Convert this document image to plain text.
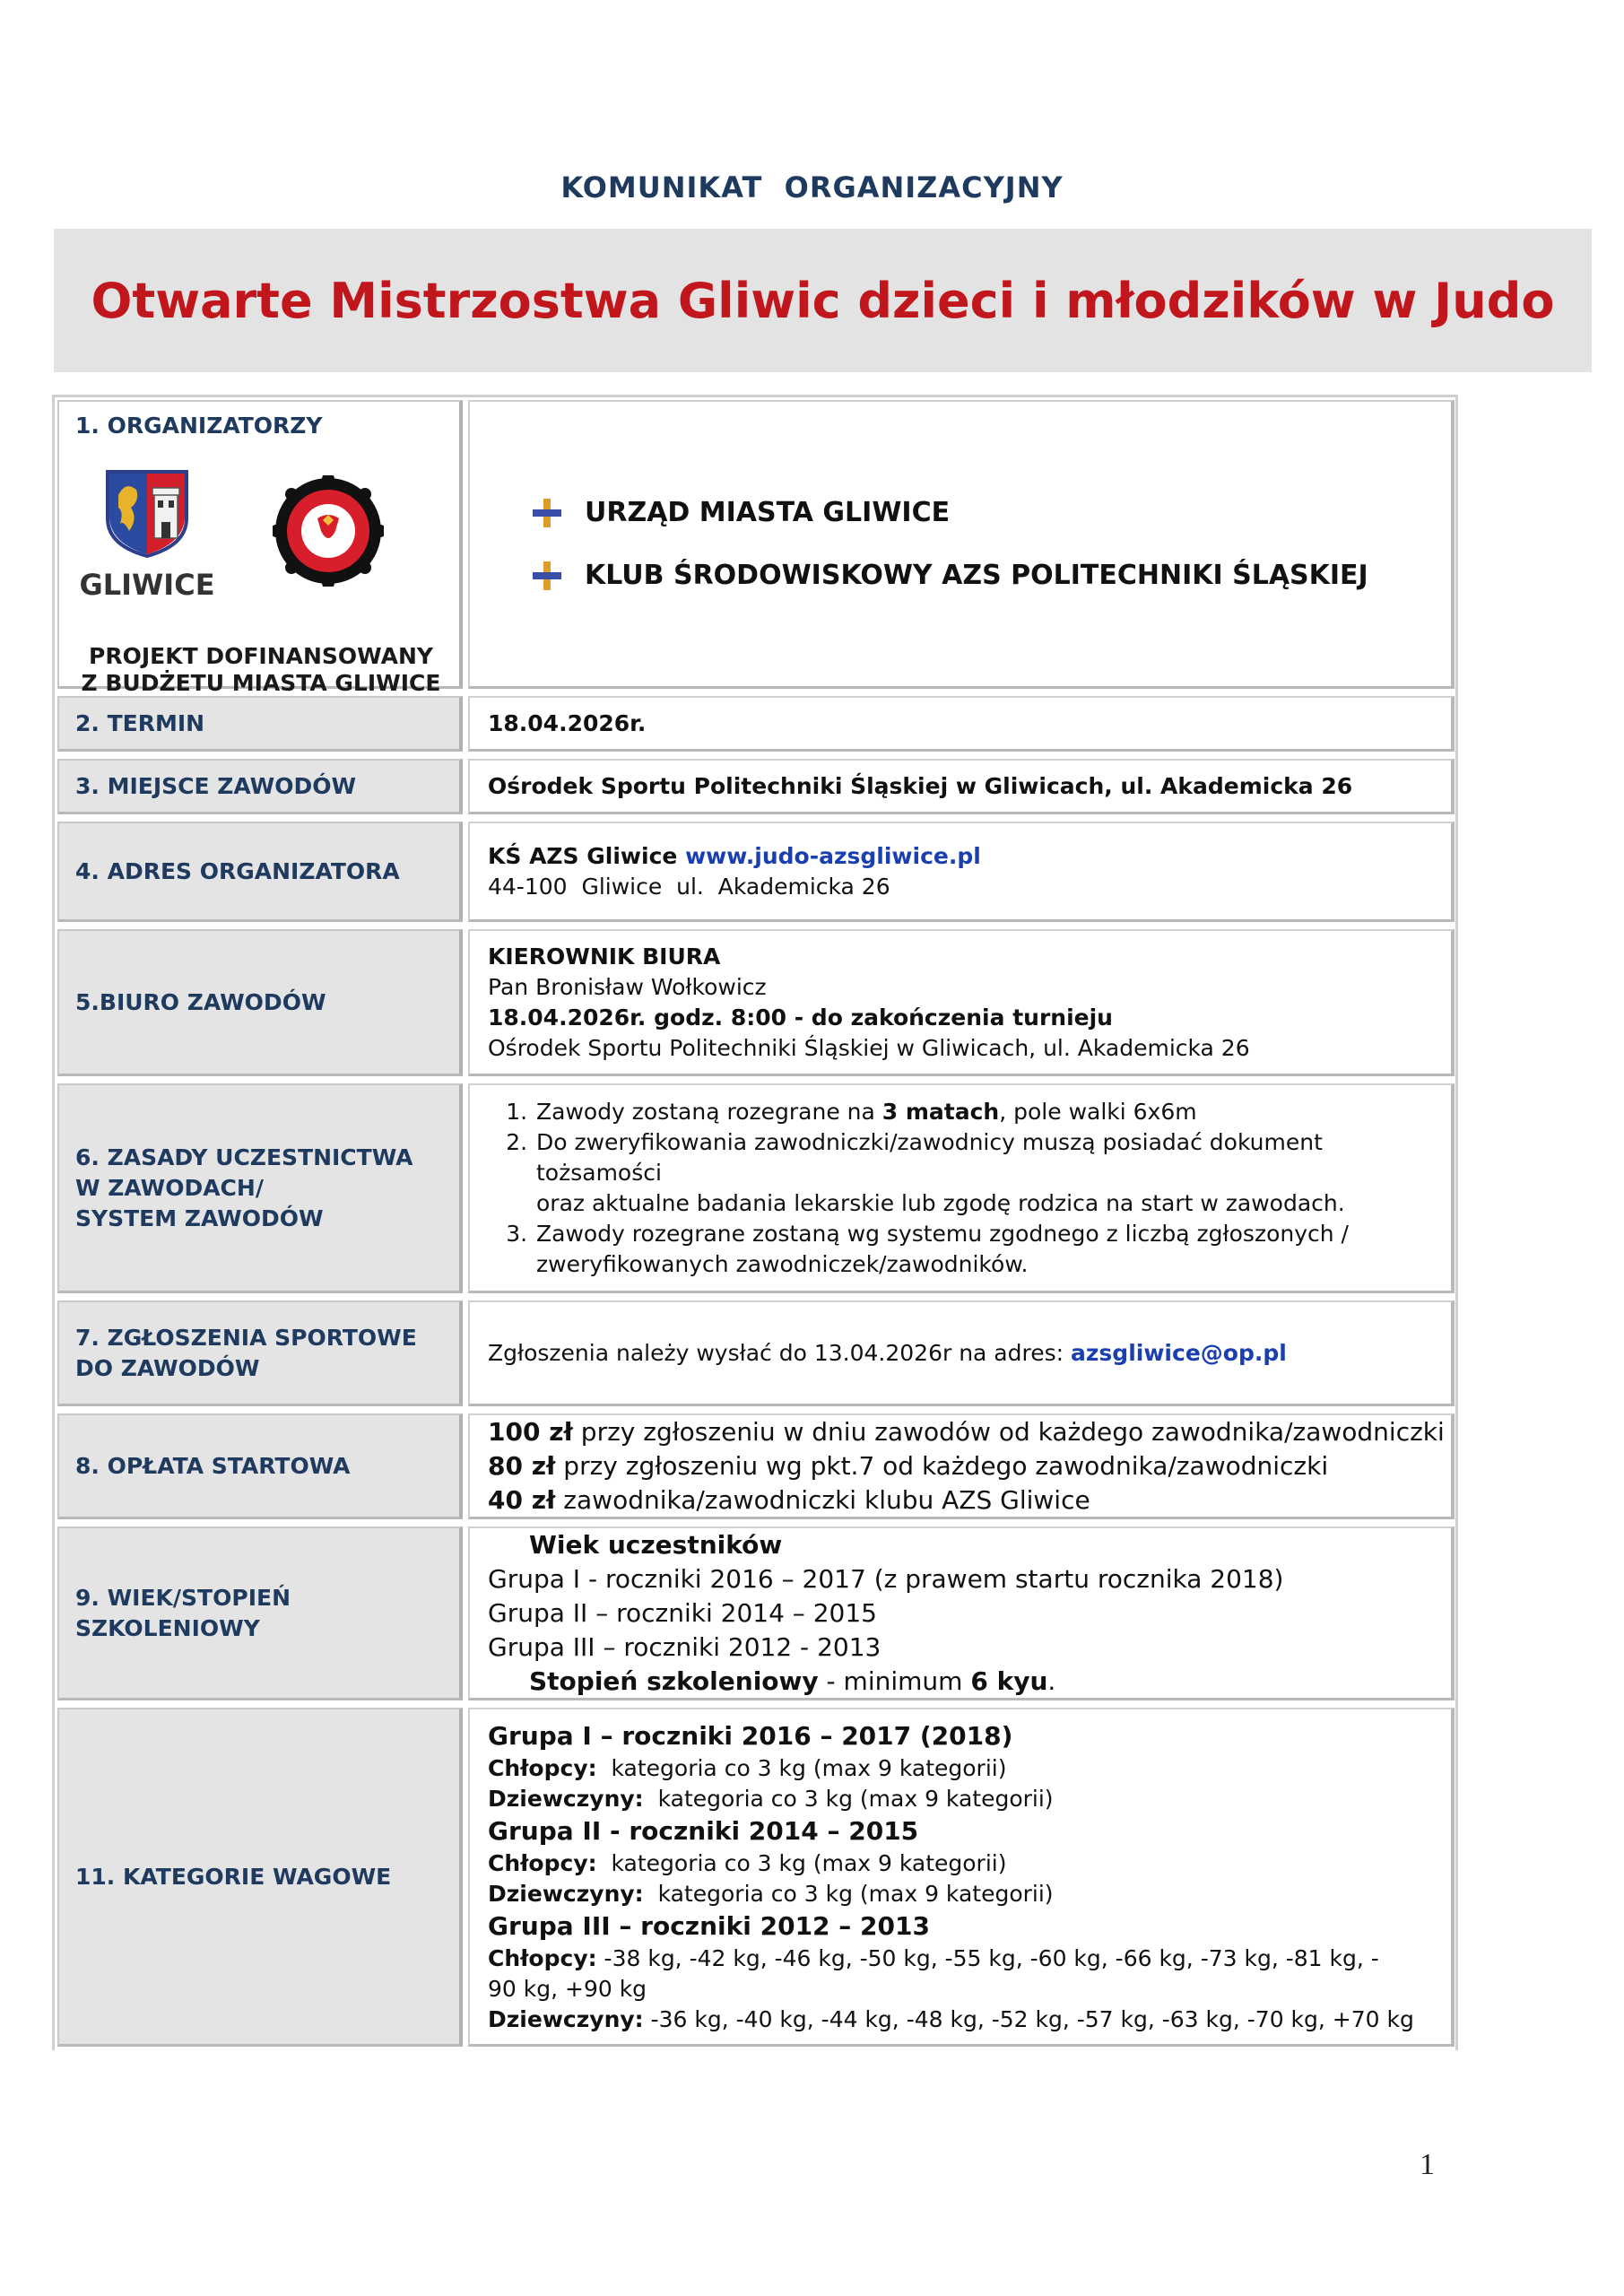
KOMUNIKAT  ORGANIZACYJNY
Otwarte Mistrzostwa Gliwic dzieci i młodzików w Judo
1. ORGANIZATORZY
GLIWICE
PROJEKT DOFINANSOWANY
Z BUDŻETU MIASTA GLIWICE
URZĄD MIASTA GLIWICE
KLUB ŚRODOWISKOWY AZS POLITECHNIKI ŚLĄSKIEJ
2. TERMIN	18.04.2026r.
3. MIEJSCE ZAWODÓW	Ośrodek Sportu Politechniki Śląskiej w Gliwicach, ul. Akademicka 26
4. ADRES ORGANIZATORA
KŚ AZS Gliwice www.judo-azsgliwice.pl
44-100  Gliwice  ul.  Akademicka 26
5.BIURO ZAWODÓW
KIEROWNIK BIURA
Pan Bronisław Wołkowicz
18.04.2026r. godz. 8:00 - do zakończenia turnieju
Ośrodek Sportu Politechniki Śląskiej w Gliwicach, ul. Akademicka 26
6. ZASADY UCZESTNICTWA
W ZAWODACH/
SYSTEM ZAWODÓW
1. Zawody zostaną rozegrane na 3 matach, pole walki 6x6m
2. Do zweryfikowania zawodniczki/zawodnicy muszą posiadać dokument tożsamości
oraz aktualne badania lekarskie lub zgodę rodzica na start w zawodach.
3. Zawody rozegrane zostaną wg systemu zgodnego z liczbą zgłoszonych /
zweryfikowanych zawodniczek/zawodników.
7. ZGŁOSZENIA SPORTOWE
DO ZAWODÓW
Zgłoszenia należy wysłać do 13.04.2026r na adres: azsgliwice@op.pl
8. OPŁATA STARTOWA
100 zł przy zgłoszeniu w dniu zawodów od każdego zawodnika/zawodniczki
80 zł przy zgłoszeniu wg pkt.7 od każdego zawodnika/zawodniczki
40 zł zawodnika/zawodniczki klubu AZS Gliwice
9. WIEK/STOPIEŃ
SZKOLENIOWY
Wiek uczestników
Grupa I - roczniki 2016 – 2017 (z prawem startu rocznika 2018)
Grupa II – roczniki 2014 – 2015
Grupa III – roczniki 2012 - 2013
Stopień szkoleniowy - minimum 6 kyu.
11. KATEGORIE WAGOWE
Grupa I – roczniki 2016 – 2017 (2018)
Chłopcy:  kategoria co 3 kg (max 9 kategorii)
Dziewczyny:  kategoria co 3 kg (max 9 kategorii)
Grupa II - roczniki 2014 – 2015
Chłopcy:  kategoria co 3 kg (max 9 kategorii)
Dziewczyny:  kategoria co 3 kg (max 9 kategorii)
Grupa III – roczniki 2012 – 2013
Chłopcy: -38 kg, -42 kg, -46 kg, -50 kg, -55 kg, -60 kg, -66 kg, -73 kg, -81 kg, -
90 kg, +90 kg
Dziewczyny: -36 kg, -40 kg, -44 kg, -48 kg, -52 kg, -57 kg, -63 kg, -70 kg, +70 kg
1
